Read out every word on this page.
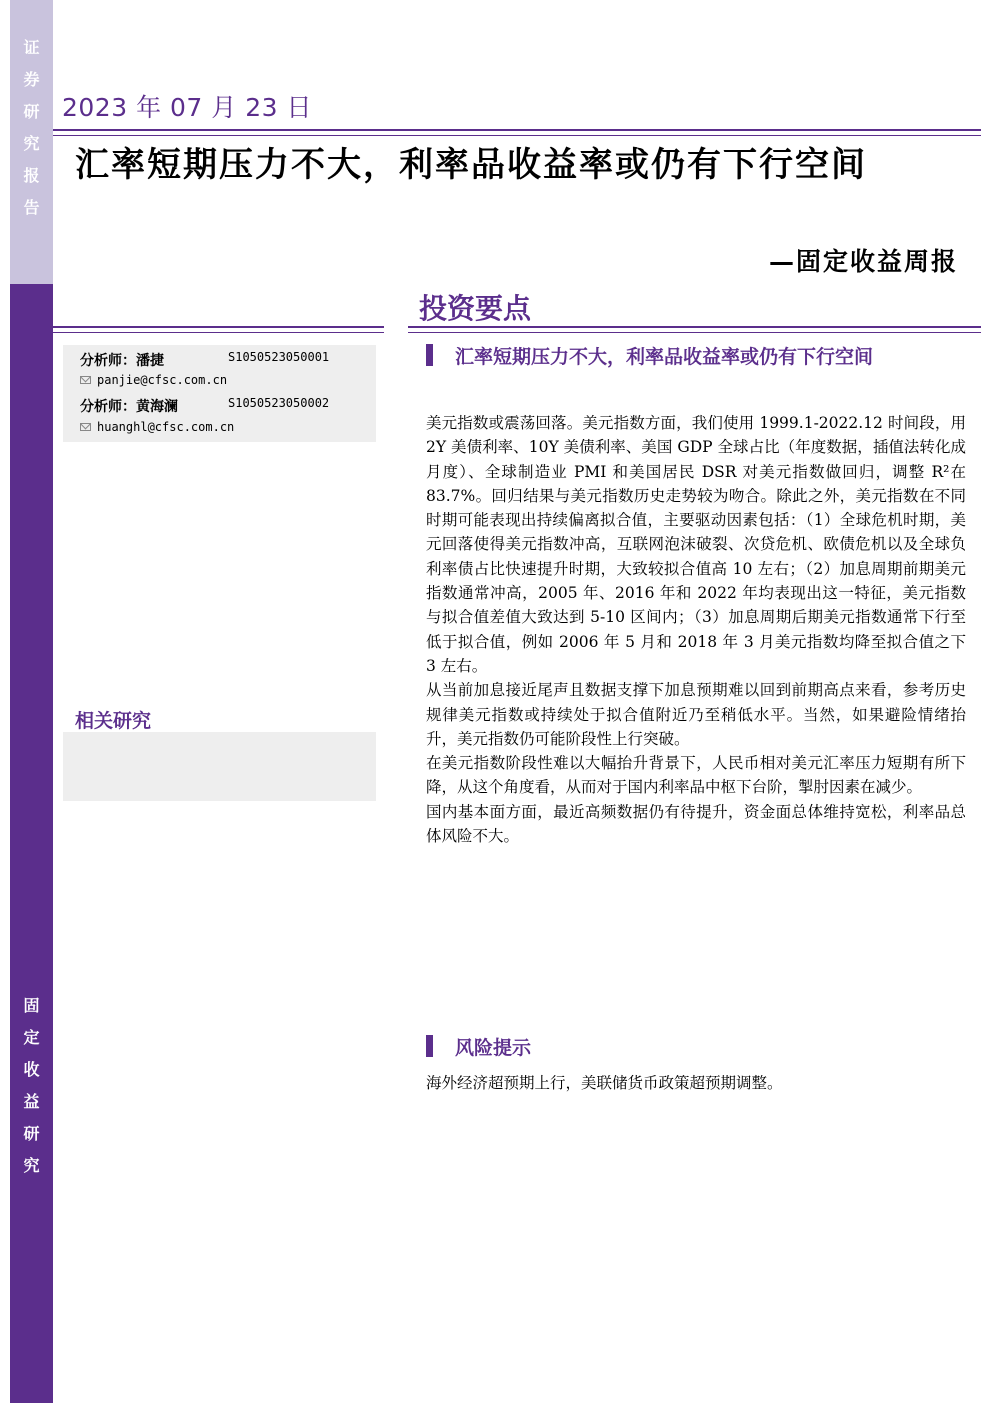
证
券
研
究
报
告
固
定
收
益
研
究
2023 年 07 月 23 日
汇率短期压力不大，利率品收益率或仍有下行空间
—固定收益周报
投资要点
分析师：潘捷	S1050523050001
panjie@cfsc.com.cn
分析师：黄海澜	S1050523050002
huanghl@cfsc.com.cn
相关研究
汇率短期压力不大，利率品收益率或仍有下行空间

美元指数或震荡回落。美元指数方面，我们使用 1999.1-2022.12 时间段，用 2Y 美债利率、10Y 美债利率、美国 GDP 全球占比（年度数据，插值法转化成月度）、全球制造业 PMI 和美国居民 DSR 对美元指数做回归，调整 R²在 83.7%。回归结果与美元指数历史走势较为吻合。除此之外，美元指数在不同时期可能表现出持续偏离拟合值，主要驱动因素包括：（1）全球危机时期，美元回落使得美元指数冲高，互联网泡沫破裂、次贷危机、欧债危机以及全球负利率债占比快速提升时期，大致较拟合值高 10 左右；（2）加息周期前期美元指数通常冲高，2005 年、2016 年和 2022 年均表现出这一特征，美元指数与拟合值差值大致达到 5-10 区间内；（3）加息周期后期美元指数通常下行至低于拟合值，例如 2006 年 5 月和 2018 年 3 月美元指数均降至拟合值之下 3 左右。

从当前加息接近尾声且数据支撑下加息预期难以回到前期高点来看，参考历史规律美元指数或持续处于拟合值附近乃至稍低水平。当然，如果避险情绪抬升，美元指数仍可能阶段性上行突破。

在美元指数阶段性难以大幅抬升背景下，人民币相对美元汇率压力短期有所下降，从这个角度看，从而对于国内利率品中枢下台阶，掣肘因素在减少。

国内基本面方面，最近高频数据仍有待提升，资金面总体维持宽松，利率品总体风险不大。

风险提示
海外经济超预期上行，美联储货币政策超预期调整。
